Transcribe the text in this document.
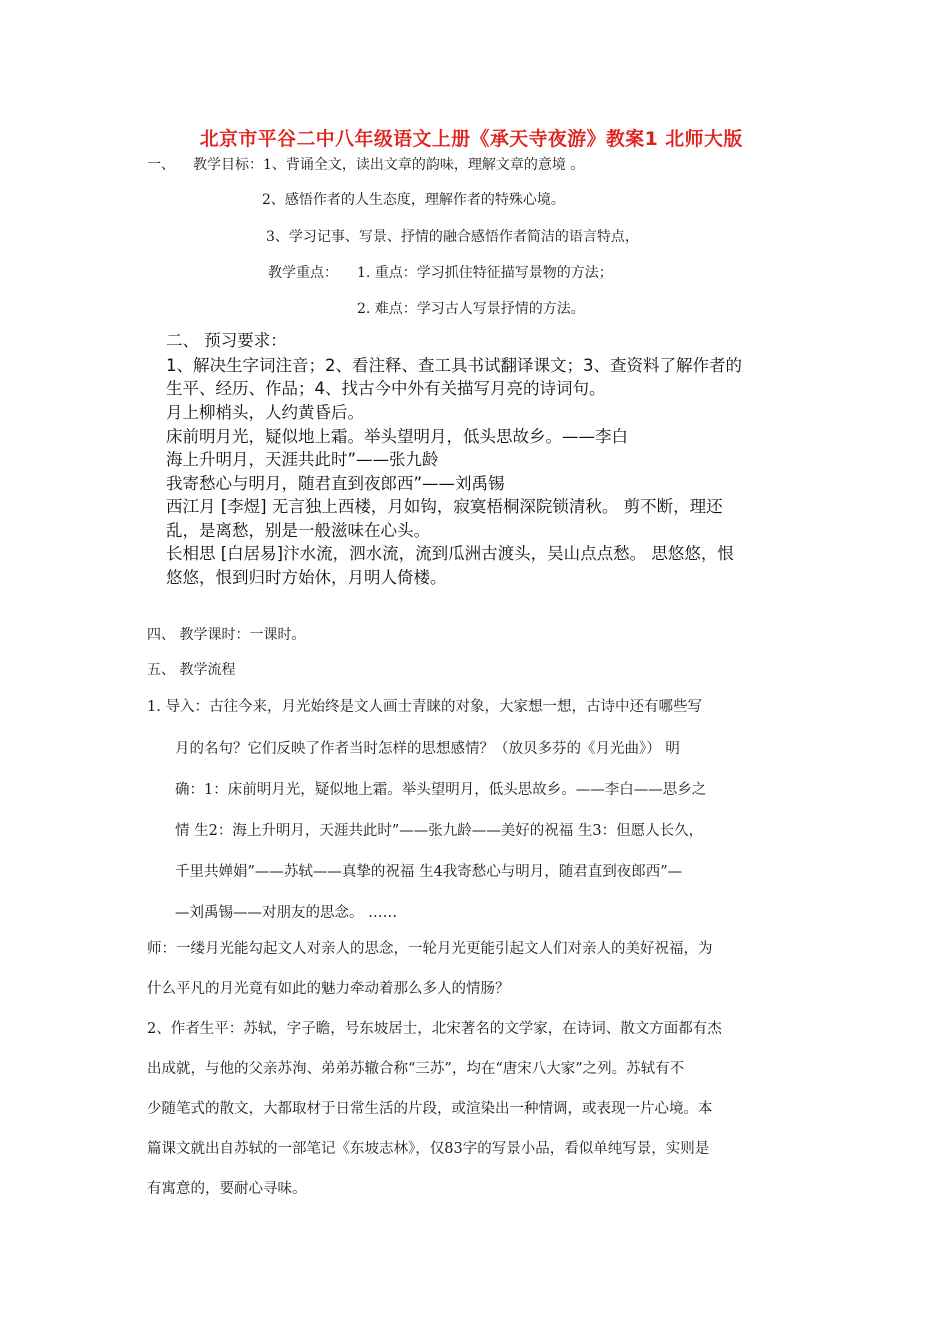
北京市平谷二中八年级语文上册《承天寺夜游》教案1 北师大版
一、 教学目标：1、背诵全文，读出文章的韵味，理解文章的意境 。
2、感悟作者的人生态度，理解作者的特殊心境。
3、学习记事、写景、抒情的融合感悟作者简洁的语言特点，
教学重点： 1. 重点：学习抓住特征描写景物的方法；
2. 难点：学习古人写景抒情的方法。
二、 预习要求：
1、解决生字词注音；2、看注释、查工具书试翻译课文；3、查资料了解作者的
生平、经历、作品；4、找古今中外有关描写月亮的诗词句。
月上柳梢头，人约黄昏后。
床前明月光，疑似地上霜。举头望明月，低头思故乡。——李白
海上升明月，天涯共此时”——张九龄
我寄愁心与明月，随君直到夜郎西”——刘禹锡
西江月 [李煜] 无言独上西楼，月如钩，寂寞梧桐深院锁清秋。 剪不断，理还
乱，是离愁，别是一般滋味在心头。
长相思 [白居易]汴水流，泗水流，流到瓜洲古渡头，吴山点点愁。 思悠悠，恨
悠悠，恨到归时方始休，月明人倚楼。
四、 教学课时：一课时。
五、 教学流程
1. 导入：古往今来，月光始终是文人画士青睐的对象，大家想一想，古诗中还有哪些写
月的名句？它们反映了作者当时怎样的思想感情？（放贝多芬的《月光曲》） 明
确：1：床前明月光，疑似地上霜。举头望明月，低头思故乡。——李白——思乡之
情 生2：海上升明月，天涯共此时”——张九龄——美好的祝福 生3：但愿人长久，
千里共婵娟”——苏轼——真挚的祝福 生4我寄愁心与明月，随君直到夜郎西”—
—刘禹锡——对朋友的思念。 ……
师：一缕月光能勾起文人对亲人的思念，一轮月光更能引起文人们对亲人的美好祝福，为
什么平凡的月光竟有如此的魅力牵动着那么多人的情肠？
2、作者生平：苏轼，字子瞻，号东坡居士，北宋著名的文学家，在诗词、散文方面都有杰
出成就，与他的父亲苏洵、弟弟苏辙合称“三苏”，均在“唐宋八大家”之列。苏轼有不
少随笔式的散文，大都取材于日常生活的片段，或渲染出一种情调，或表现一片心境。本
篇课文就出自苏轼的一部笔记《东坡志林》，仅83字的写景小品，看似单纯写景，实则是
有寓意的，要耐心寻味。
